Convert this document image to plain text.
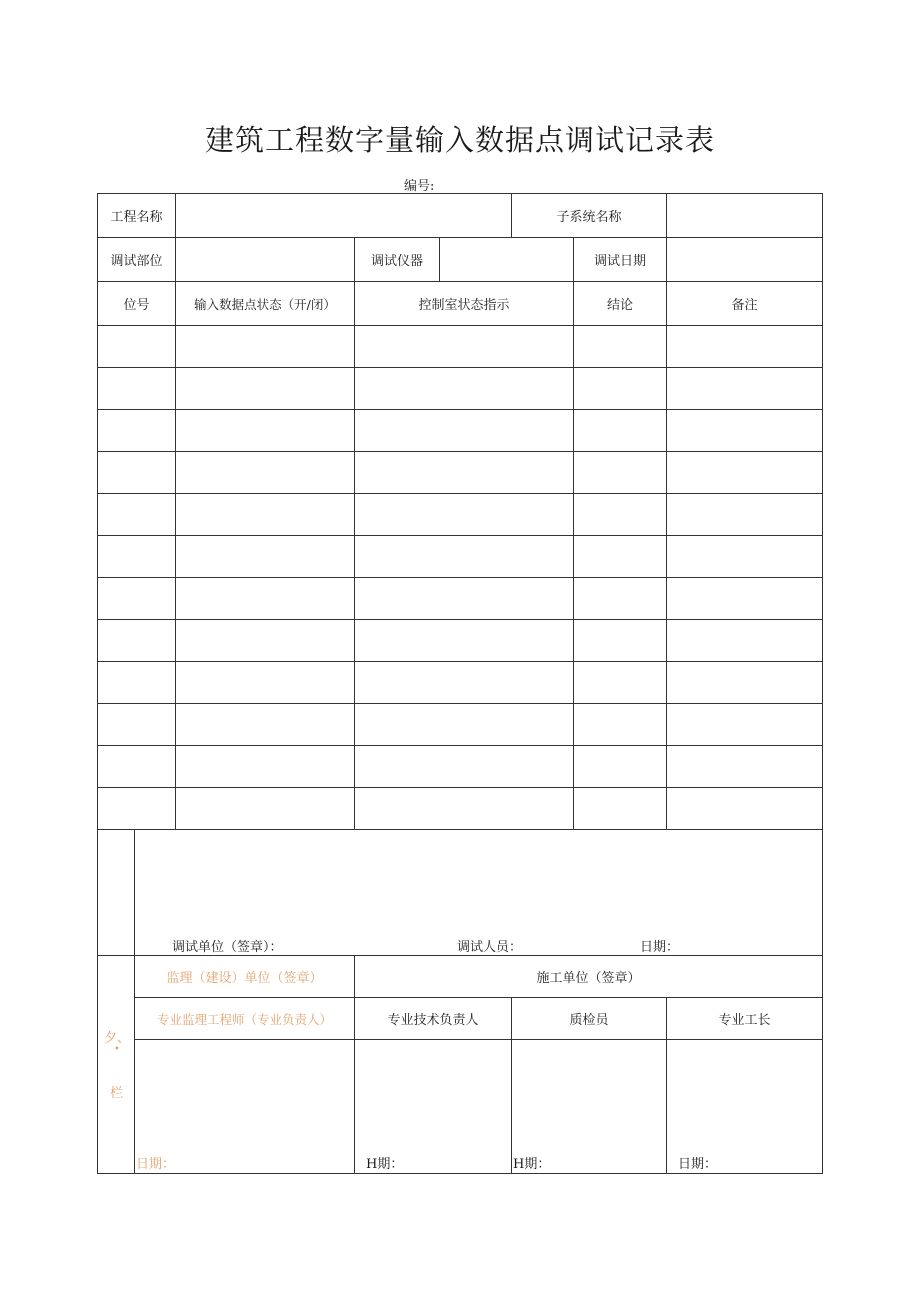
建筑工程数字量输入数据点调试记录表
编号:
工程名称					子系统名称		
调试部位			调试仪器			调试日期	
位号		输入数据点状态（开/闭）	控制室状态指示			结论	备注

	监理（建设）单位（签章）		施工单位（签章）				
	专业监理工程师（专业负责人）		专业技术负责人		质检员		专业工长

调试单位（签章）：	调试人员：	日期：
夕、
•
栏
日期：	H期：	H期：	日期：
